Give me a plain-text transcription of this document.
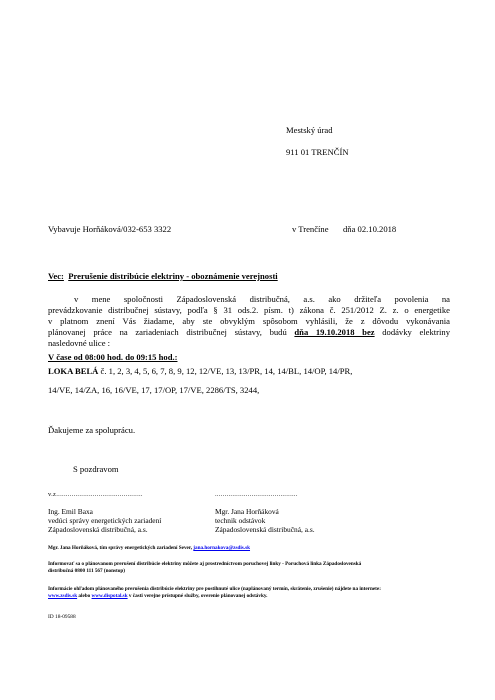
Mestský úrad
911 01 TRENČÍN
Vybavuje Horňáková/032-653 3322	v Trenčíne dňa 02.10.2018
Vec: Prerušenie distribúcie elektriny - oboznámenie verejnosti
v mene spoločnosti Západoslovenská distribučná, a.s. ako držiteľa povolenia na
prevádzkovanie distribučnej sústavy, podľa § 31 ods.2. písm. t) zákona č. 251/2012 Z. z. o energetike
v platnom znení Vás žiadame, aby ste obvyklým spôsobom vyhlásili, že z dôvodu vykonávania
plánovanej práce na zariadeniach distribučnej sústavy, budú dňa 19.10.2018 bez dodávky elektriny
nasledovné ulice :
V čase od 08:00 hod. do 09:15 hod.:
LOKA BELÁ č. 1, 2, 3, 4, 5, 6, 7, 8, 9, 12, 12/VE, 13, 13/PR, 14, 14/BL, 14/OP, 14/PR,
14/VE, 14/ZA, 16, 16/VE, 17, 17/OP, 17/VE, 2286/TS, 3244,
Ďakujeme za spoluprácu.
S pozdravom
v.z.............................................	...........................................
Ing. Emil Baxa
vedúci správy energetických zariadení
Západoslovenská distribučná, a.s.
Mgr. Jana Horňáková
technik odstávok
Západoslovenská distribučná, a.s.
Mgr. Jana Horňáková, tím správy energetických zariadení Sever, jana.hornakova@zsdis.sk
Informovať sa o plánovanom prerušení distribúcie elektriny môžete aj prostredníctvom poruchovej linky - Poruchová linka Západoslovenská
distribučná 0800 111 567 (nonstop)
Informácie ohľadom plánovaného prerušenia distribúcie elektriny pre postihnuté ulice (naplánovaný termín, skrátenie, zrušenie) nájdete na internete:
www.zsdis.sk alebo www.dispotal.sk v časti verejne prístupné služby, overenie plánovanej odstávky.
ID 18-09588
